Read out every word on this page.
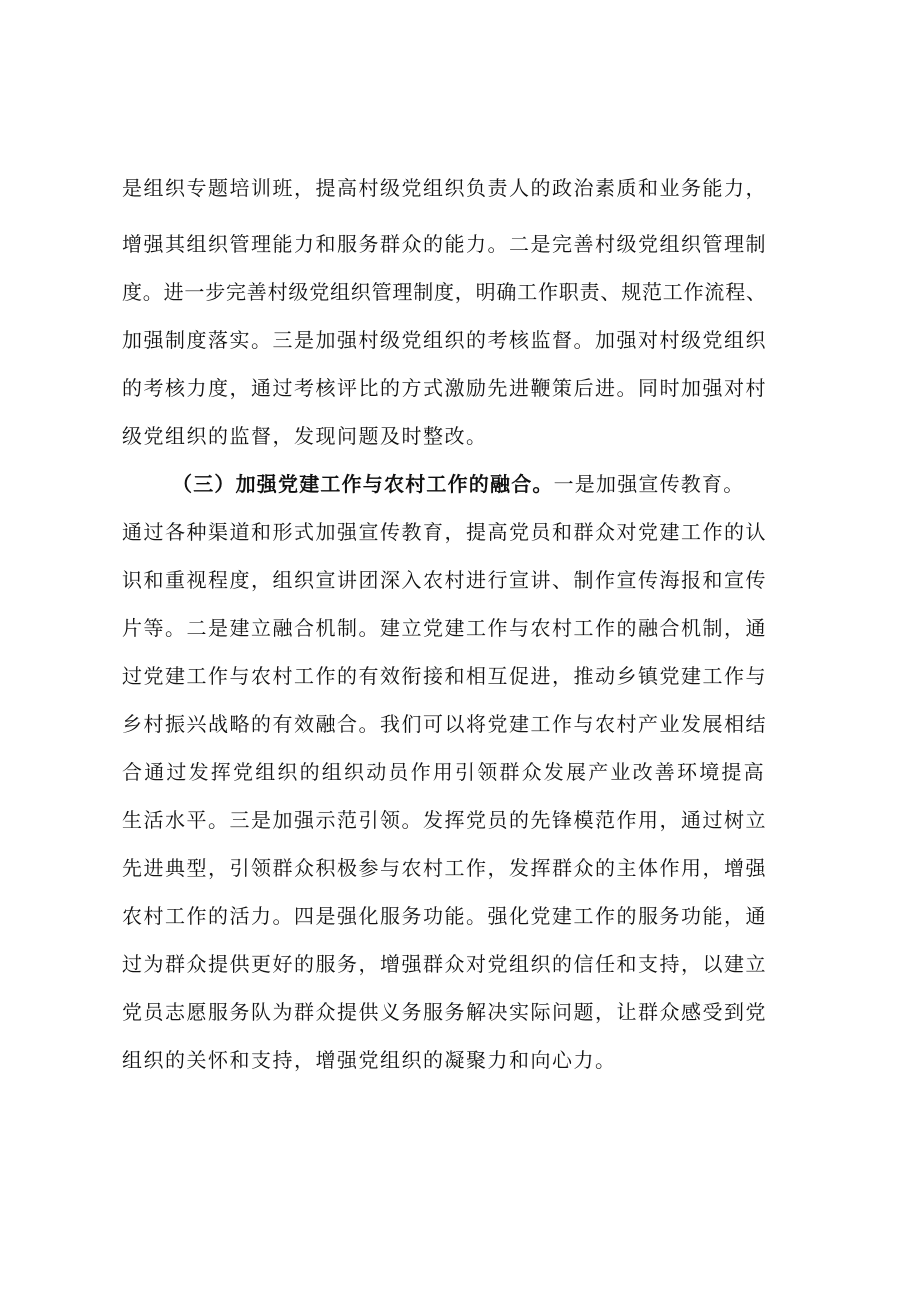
是组织专题培训班，提高村级党组织负责人的政治素质和业务能力，

增强其组织管理能力和服务群众的能力。二是完善村级党组织管理制

度。进一步完善村级党组织管理制度，明确工作职责、规范工作流程、

加强制度落实。三是加强村级党组织的考核监督。加强对村级党组织

的考核力度，通过考核评比的方式激励先进鞭策后进。同时加强对村

级党组织的监督，发现问题及时整改。

（三）加强党建工作与农村工作的融合。一是加强宣传教育。

通过各种渠道和形式加强宣传教育，提高党员和群众对党建工作的认

识和重视程度，组织宣讲团深入农村进行宣讲、制作宣传海报和宣传

片等。二是建立融合机制。建立党建工作与农村工作的融合机制，通

过党建工作与农村工作的有效衔接和相互促进，推动乡镇党建工作与

乡村振兴战略的有效融合。我们可以将党建工作与农村产业发展相结

合通过发挥党组织的组织动员作用引领群众发展产业改善环境提高

生活水平。三是加强示范引领。发挥党员的先锋模范作用，通过树立

先进典型，引领群众积极参与农村工作，发挥群众的主体作用，增强

农村工作的活力。四是强化服务功能。强化党建工作的服务功能，通

过为群众提供更好的服务，增强群众对党组织的信任和支持，以建立

党员志愿服务队为群众提供义务服务解决实际问题，让群众感受到党

组织的关怀和支持，增强党组织的凝聚力和向心力。
